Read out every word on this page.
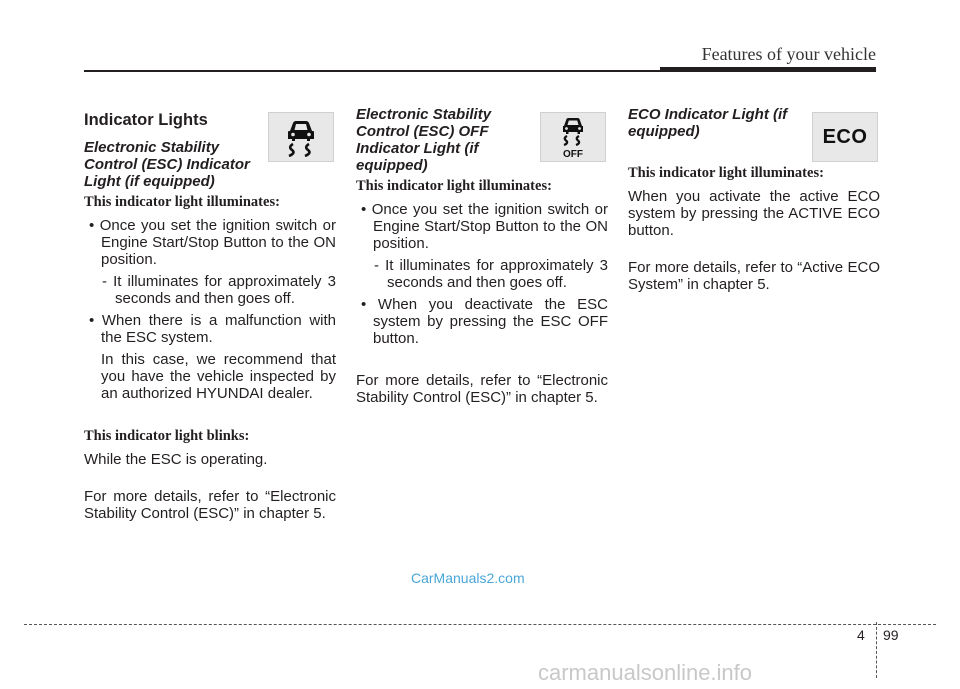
Features of your vehicle
Indicator Lights
Electronic Stability Control (ESC) Indicator Light (if equipped)
This indicator light illuminates:
• Once you set the ignition switch or Engine Start/Stop Button to the ON position.
- It illuminates for approximately 3 seconds and then goes off.
• When there is a malfunction with the ESC system.
In this case, we recommend that you have the vehicle inspected by an authorized HYUNDAI dealer.
This indicator light blinks:
While the ESC is operating.
For more details, refer to “Electronic Stability Control (ESC)” in chapter 5.
Electronic Stability Control (ESC) OFF Indicator Light (if equipped)
This indicator light illuminates:
• Once you set the ignition switch or Engine Start/Stop Button to the ON position.
- It illuminates for approximately 3 seconds and then goes off.
• When you deactivate the ESC system by pressing the ESC OFF button.
For more details, refer to “Electronic Stability Control (ESC)” in chapter 5.
OFF
ECO Indicator Light (if equipped)
This indicator light illuminates:
When you activate the active ECO system by pressing the ACTIVE ECO button.
For more details, refer to “Active ECO System” in chapter 5.
ECO
CarManuals2.com
4 99
carmanualsonline.info
